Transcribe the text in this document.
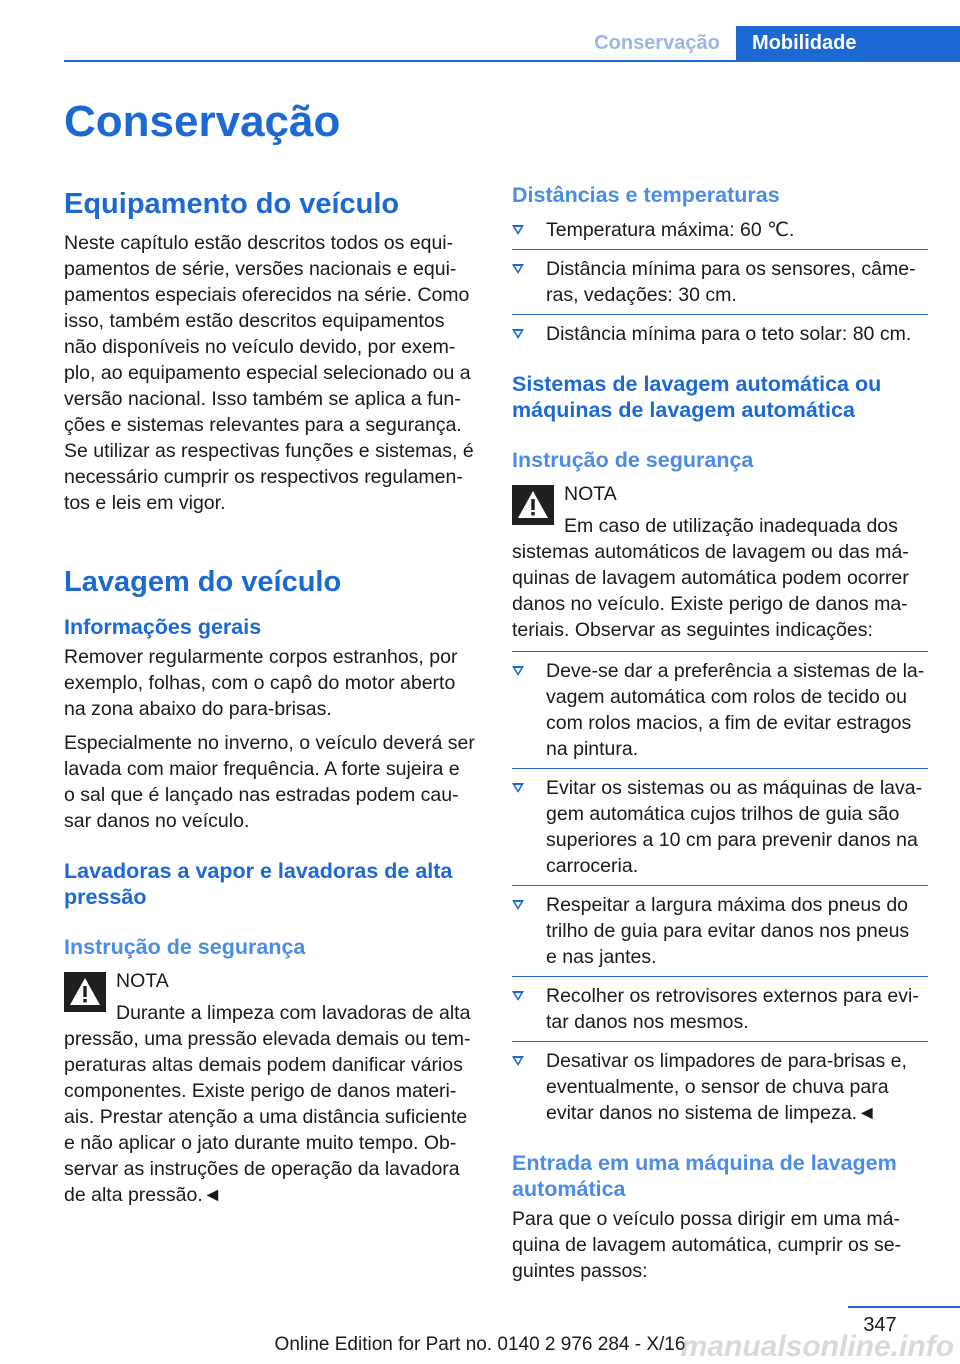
Conservação	Mobilidade
Conservação
Equipamento do veículo

Neste capítulo estão descritos todos os equi-
pamentos de série, versões nacionais e equi-
pamentos especiais oferecidos na série. Como
isso, também estão descritos equipamentos
não disponíveis no veículo devido, por exem-
plo, ao equipamento especial selecionado ou a
versão nacional. Isso também se aplica a fun-
ções e sistemas relevantes para a segurança.
Se utilizar as respectivas funções e sistemas, é
necessário cumprir os respectivos regulamen-
tos e leis em vigor.

Lavagem do veículo
Informações gerais

Remover regularmente corpos estranhos, por
exemplo, folhas, com o capô do motor aberto
na zona abaixo do para-brisas.

Especialmente no inverno, o veículo deverá ser
lavada com maior frequência. A forte sujeira e
o sal que é lançado nas estradas podem cau-
sar danos no veículo.

Lavadoras a vapor e lavadoras de alta
pressão
Instrução de segurança

NOTA

Durante a limpeza com lavadoras de alta

pressão, uma pressão elevada demais ou tem-
peraturas altas demais podem danificar vários
componentes. Existe perigo de danos materi-
ais. Prestar atenção a uma distância suficiente
e não aplicar o jato durante muito tempo. Ob-
servar as instruções de operação da lavadora
de alta pressão.◄

Distâncias e temperaturas
Temperatura máxima: 60 ℃.
Distância mínima para os sensores, câme-
ras, vedações: 30 cm.
Distância mínima para o teto solar: 80 cm.
Sistemas de lavagem automática ou
máquinas de lavagem automática
Instrução de segurança

NOTA

Em caso de utilização inadequada dos

sistemas automáticos de lavagem ou das má-
quinas de lavagem automática podem ocorrer
danos no veículo. Existe perigo de danos ma-
teriais. Observar as seguintes indicações:

Deve-se dar a preferência a sistemas de la-
vagem automática com rolos de tecido ou
com rolos macios, a fim de evitar estragos
na pintura.
Evitar os sistemas ou as máquinas de lava-
gem automática cujos trilhos de guia são
superiores a 10 cm para prevenir danos na
carroceria.
Respeitar a largura máxima dos pneus do
trilho de guia para evitar danos nos pneus
e nas jantes.
Recolher os retrovisores externos para evi-
tar danos nos mesmos.
Desativar os limpadores de para-brisas e,
eventualmente, o sensor de chuva para
evitar danos no sistema de limpeza.◄
Entrada em uma máquina de lavagem
automática

Para que o veículo possa dirigir em uma má-
quina de lavagem automática, cumprir os se-
guintes passos:

347
Online Edition for Part no. 0140 2 976 284 - X/16
manualsonline.info
